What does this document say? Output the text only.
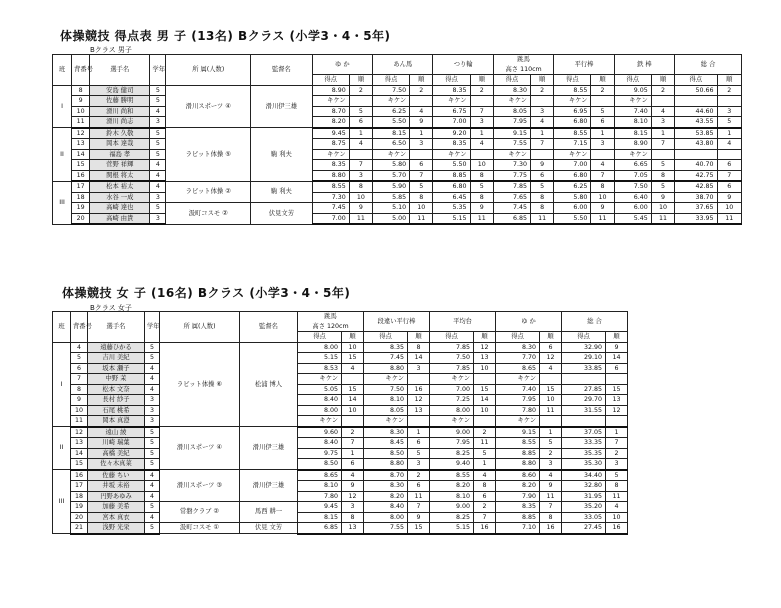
体操競技 得点表 男 子 (13名) Bクラス (小学3・4・5年)
Bクラス 男子
班	背番号	選手名	学年	所 属(人数)	監督名	ゆ か		あん馬		つり輪		跳馬
高さ 110cm		平行棒		鉄 棒		総 合	
						得点	順	得点	順	得点	順	得点	順	得点	順	得点	順	得点	順
I	8	安島 健司	5	滑川スポーツ ④	滑川伊三雄	8.90	2	7.50	2	8.35	2	8.30	2	8.55	2	9.05	2	50.66	2
	9	佐藤 勝明	5			キケン		キケン		キケン		キケン		キケン		キケン			
	10	滑川 尚和	4			8.70	5	6.25	4	6.75	7	8.05	3	6.95	5	7.40	4	44.60	3
	11	滑川 尚志	3			8.20	6	5.50	9	7.00	3	7.95	4	6.80	6	8.10	3	43.55	5
II	12	鈴木 久敬	5	ラビット体操 ⑤	駒 利夫	9.45	1	8.15	1	9.20	1	9.15	1	8.55	1	8.15	1	53.85	1
	13	岡本 達哉	5			8.75	4	6.50	3	8.35	4	7.55	7	7.15	3	8.90	7	43.80	4
	14	福島 孝	5			キケン		キケン		キケン		キケン		キケン		キケン			
	15	菅野 祥輝	4			8.35	7	5.80	6	5.50	10	7.30	9	7.00	4	6.65	5	40.70	6
	16	関根 将太	4			8.80	3	5.70	7	8.85	8	7.75	6	6.80	7	7.05	8	42.75	7
III	17	松本 裕太	4	ラビット体操 ②	駒 利夫	8.55	8	5.90	5	6.80	5	7.85	5	6.25	8	7.50	5	42.85	6
	18	水谷 一成	3			7.30	10	5.85	8	6.45	8	7.65	8	5.80	10	6.40	9	38.70	9
	19	高崎 達也	5	汲町コスモ ②	伏見文芳	7.45	9	5.10	10	5.35	9	7.45	8	6.00	9	6.00	10	37.65	10
	20	高崎 由貴	3			7.00	11	5.00	11	5.15	11	6.85	11	5.50	11	5.45	11	33.95	11
体操競技 女 子 (16名) Bクラス (小学3・4・5年)
Bクラス 女子
班	背番号	選手名	学年	所 属(人数)	監督名	跳馬
高さ 120cm		段違い平行棒		平均台		ゆ か		総 合	
						得点	順	得点	順	得点	順	得点	順	得点	順
I	4	遠藤ひかる	5	ラビット体操 ⑥	松浦 博人	8.00	10	8.35	8	7.85	12	8.30	6	32.90	9
	5	吉川 美紀	5			5.15	15	7.45	14	7.50	13	7.70	12	29.10	14
	6	坂本 瀬子	4			8.53	4	8.80	3	7.85	10	8.65	4	33.85	6
	7	中野 茉	4			キケン		キケン		キケン		キケン			
	8	松本 文奈	4			5.05	15	7.50	16	7.00	15	7.40	15	27.85	15
	9	長村 紗子	3			8.40	14	8.10	12	7.25	14	7.95	10	29.70	13
	10	石尾 桃希	3			8.00	10	8.05	13	8.00	10	7.80	11	31.55	12
	11	岡本 真澄	3			キケン		キケン		キケン		キケン			
II	12	遠山 綾	5	滑川スポーツ ④	滑川伊三雄	9.60	2	8.30	1	9.00	2	9.15	1	37.05	1
	13	川崎 瑞葉	5			8.40	7	8.45	6	7.95	11	8.55	5	33.35	7
	14	高橋 美紀	5			9.75	1	8.50	5	8.25	5	8.85	2	35.35	2
	15	佐々木真菜	5			8.50	6	8.80	3	9.40	1	8.80	3	35.30	3
III	16	佐藤 ちい	4	滑川スポーツ ③	滑川伊三雄	8.65	4	8.70	2	8.55	4	8.60	4	34.40	5
	17	井坂 未裕	4			8.10	9	8.30	6	8.20	8	8.20	9	32.80	8
	18	円野あゆみ	4			7.80	12	8.20	11	8.10	6	7.90	11	31.95	11
	19	加藤 美希	5	常磐クラブ ②	馬西 耕一	9.45	3	8.40	7	9.00	2	8.35	7	35.20	4
	20	宮本 真衣	4			8.15	8	8.00	9	8.25	7	8.85	8	33.05	10
	21	浅野 光栄	5	汲町コスモ ①	伏見 文芳	6.85	13	7.55	15	5.15	16	7.10	16	27.45	16
